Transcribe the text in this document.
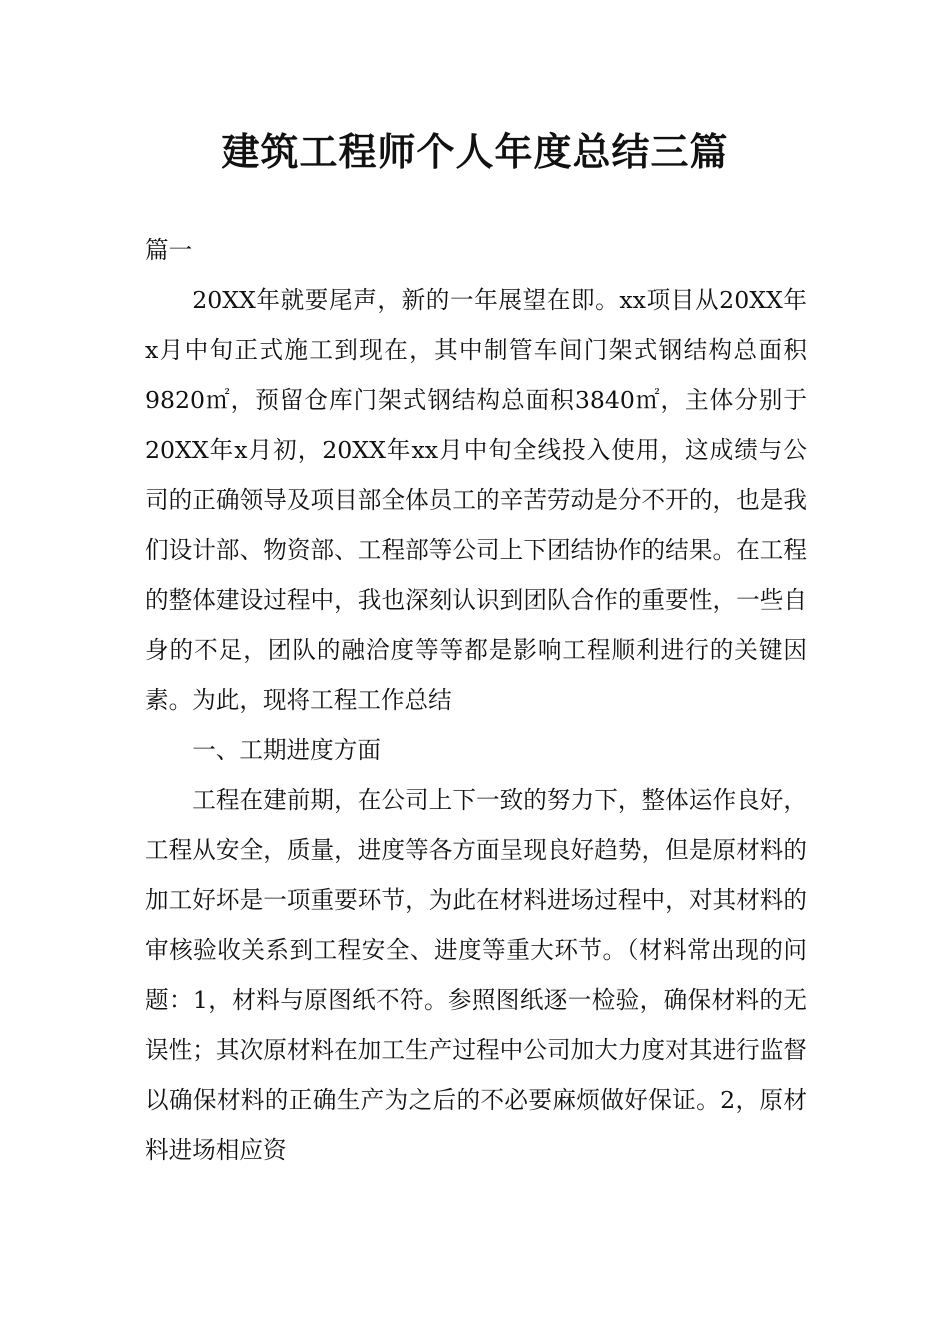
建筑工程师个人年度总结三篇

篇一

20XX年就要尾声，新的一年展望在即。xx项目从20XX年x月中旬正式施工到现在，其中制管车间门架式钢结构总面积9820㎡，预留仓库门架式钢结构总面积3840㎡，主体分别于20XX年x月初，20XX年xx月中旬全线投入使用，这成绩与公司的正确领导及项目部全体员工的辛苦劳动是分不开的，也是我们设计部、物资部、工程部等公司上下团结协作的结果。在工程的整体建设过程中，我也深刻认识到团队合作的重要性，一些自身的不足，团队的融洽度等等都是影响工程顺利进行的关键因素。为此，现将工程工作总结

一、工期进度方面

工程在建前期，在公司上下一致的努力下，整体运作良好，工程从安全，质量，进度等各方面呈现良好趋势，但是原材料的加工好坏是一项重要环节，为此在材料进场过程中，对其材料的审核验收关系到工程安全、进度等重大环节。（材料常出现的问题：1，材料与原图纸不符。参照图纸逐一检验，确保材料的无误性；其次原材料在加工生产过程中公司加大力度对其进行监督以确保材料的正确生产为之后的不必要麻烦做好保证。2，原材料进场相应资
